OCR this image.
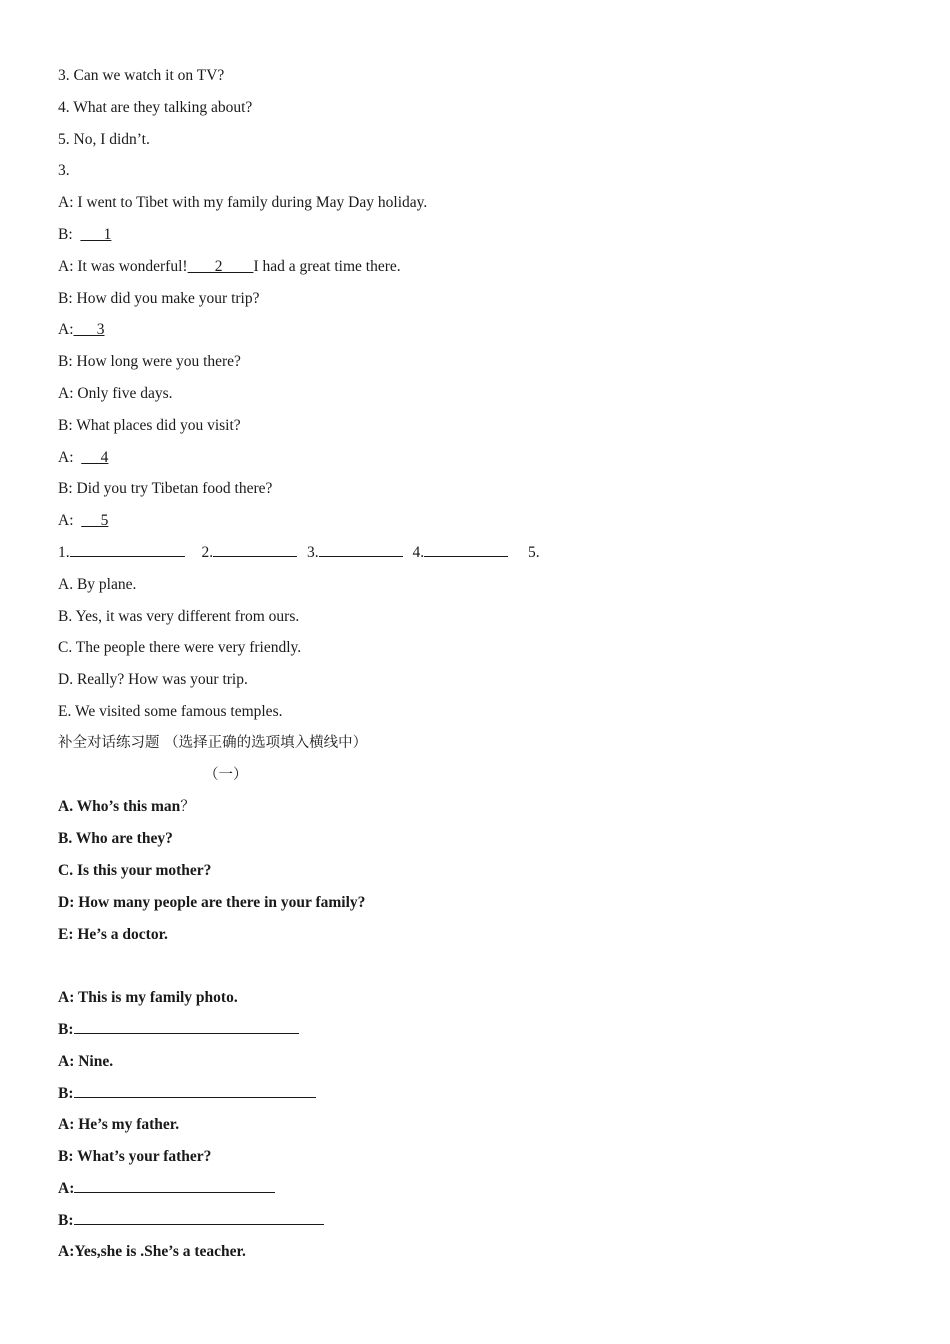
3. Can we watch it on TV?
4. What are they talking about?
5. No, I didn’t.
3.
A: I went to Tibet with my family during May Day holiday.
B:        1
A: It was wonderful!       2        I had a great time there.
B: How did you make your trip?
A:      3
B: How long were you there?
A: Only five days.
B: What places did you visit?
A:       4
B: Did you try Tibetan food there?
A:       5
1.	2.	3.	4.	5.
A. By plane.
B. Yes, it was very different from ours.
C. The people there were very friendly.
D. Really? How was your trip.
E. We visited some famous temples.
补全对话练习题 （选择正确的选项填入横线中）
（一）
A. Who’s this man？
B. Who are they?
C. Is this your mother?
D: How many people are there in your family?
E: He’s a doctor.
A: This is my family photo.
B:
A: Nine.
B:
A: He’s my father.
B: What’s your father?
A:
B:
A:Yes,she is .She’s a teacher.
